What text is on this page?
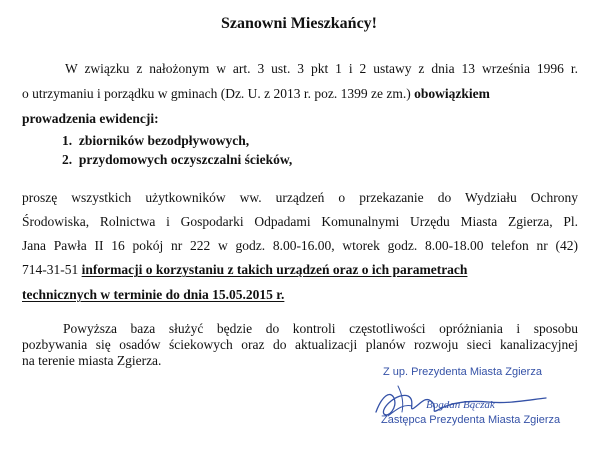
Szanowni Mieszkańcy!
W związku z nałożonym w art. 3 ust. 3 pkt 1 i 2 ustawy z dnia 13 września 1996 r.
o utrzymaniu i porządku w gminach (Dz. U. z 2013 r. poz. 1399 ze zm.) obowiązkiem
prowadzenia ewidencji:
1. zbiorników bezodpływowych,
2. przydomowych oczyszczalni ścieków,
proszę wszystkich użytkowników ww. urządzeń o przekazanie do Wydziału Ochrony
Środowiska, Rolnictwa i Gospodarki Odpadami Komunalnymi Urzędu Miasta Zgierza, Pl.
Jana Pawła II 16 pokój nr 222 w godz. 8.00-16.00, wtorek godz. 8.00-18.00 telefon nr (42)
714-31-51 informacji o korzystaniu z takich urządzeń oraz o ich parametrach
technicznych w terminie do dnia 15.05.2015 r.
Powyższa baza służyć będzie do kontroli częstotliwości opróżniania i sposobu
pozbywania się osadów ściekowych oraz do aktualizacji planów rozwoju sieci kanalizacyjnej
na terenie miasta Zgierza.
Z up. Prezydenta Miasta Zgierza
Bogdan Bączak
Zastępca Prezydenta Miasta Zgierza
